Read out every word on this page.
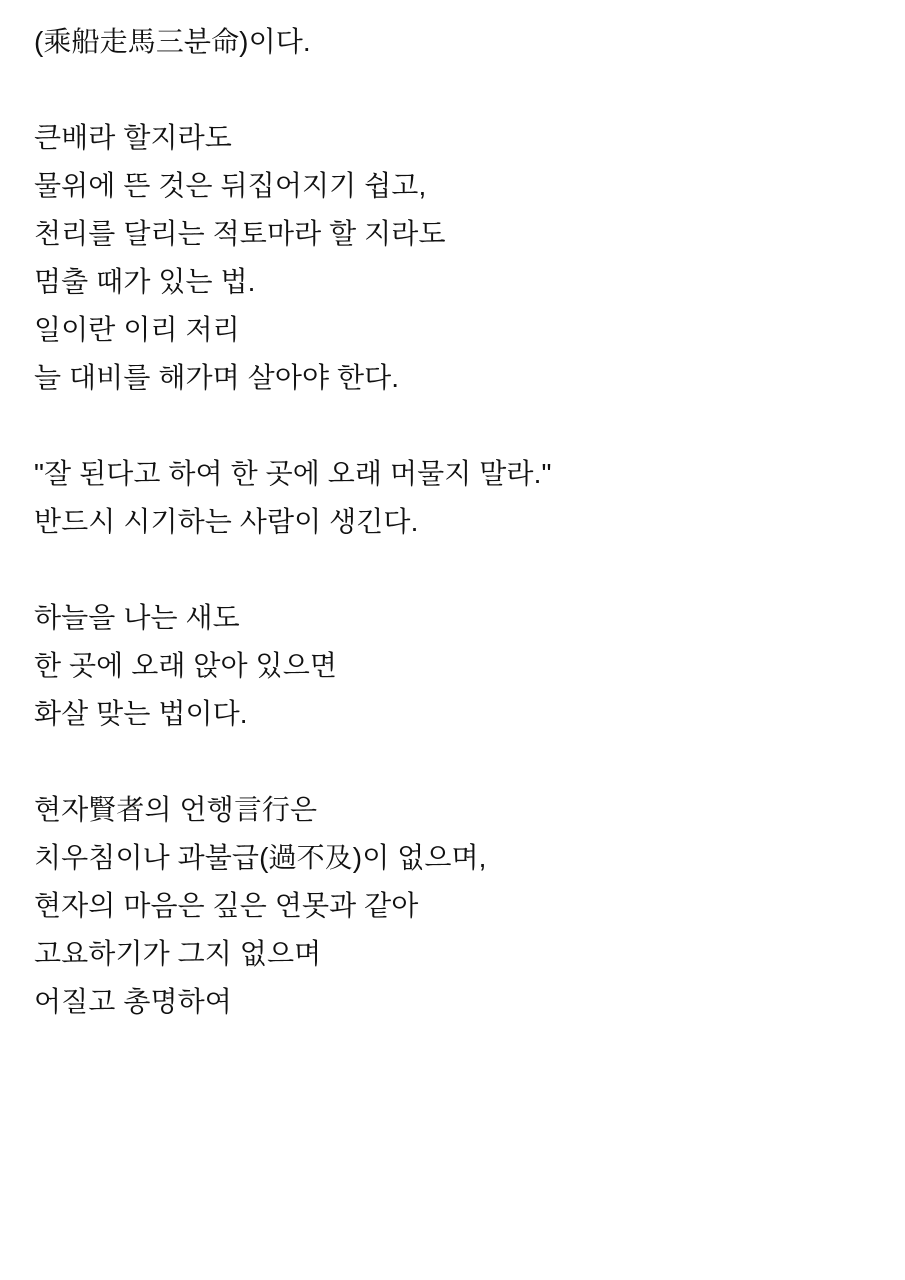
(乘船走馬三분命)이다.
큰배라 할지라도
물위에 뜬 것은 뒤집어지기 쉽고,
천리를 달리는 적토마라 할 지라도
멈출 때가 있는 법.
일이란 이리 저리
늘 대비를 해가며 살아야 한다.
"잘 된다고 하여 한 곳에 오래 머물지 말라."
반드시 시기하는 사람이 생긴다.
하늘을 나는 새도
한 곳에 오래 앉아 있으면
화살 맞는 법이다.
현자賢者의 언행言行은
치우침이나 과불급(過不及)이 없으며,
현자의 마음은 깊은 연못과 같아
고요하기가 그지 없으며
어질고 총명하여
